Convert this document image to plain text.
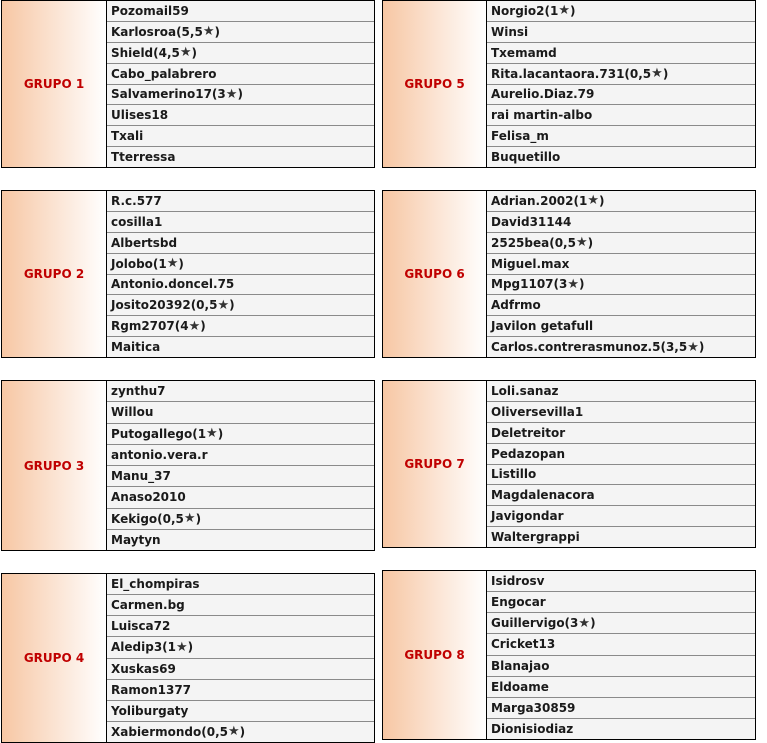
GRUPO 1
Pozomail59
Karlosroa(5,5 ★ )
Shield(4,5 ★ )
Cabo_palabrero
Salvamerino17(3 ★ )
Ulises18
Txali
Tterressa
GRUPO 5
Norgio2(1 ★ )
Winsi
Txemamd
Rita.lacantaora.731(0,5 ★ )
Aurelio.Diaz.79
rai martin-albo
Felisa_m
Buquetillo
GRUPO 2
R.c.577
cosilla1
Albertsbd
Jolobo(1 ★ )
Antonio.doncel.75
Josito20392(0,5 ★ )
Rgm2707(4 ★ )
Maitica
GRUPO 6
Adrian.2002(1 ★ )
David31144
2525bea(0,5 ★ )
Miguel.max
Mpg1107(3 ★ )
Adfrmo
Javilon getafull
Carlos.contrerasmunoz.5(3,5 ★ )
GRUPO 3
zynthu7
Willou
Putogallego(1 ★ )
antonio.vera.r
Manu_37
Anaso2010
Kekigo(0,5 ★ )
Maytyn
GRUPO 7
Loli.sanaz
Oliversevilla1
Deletreitor
Pedazopan
Listillo
Magdalenacora
Javigondar
Waltergrappi
GRUPO 4
El_chompiras
Carmen.bg
Luisca72
Aledip3(1 ★ )
Xuskas69
Ramon1377
Yoliburgaty
Xabiermondo(0,5 ★ )
GRUPO 8
Isidrosv
Engocar
Guillervigo(3 ★ )
Cricket13
Blanajao
Eldoame
Marga30859
Dionisiodiaz
